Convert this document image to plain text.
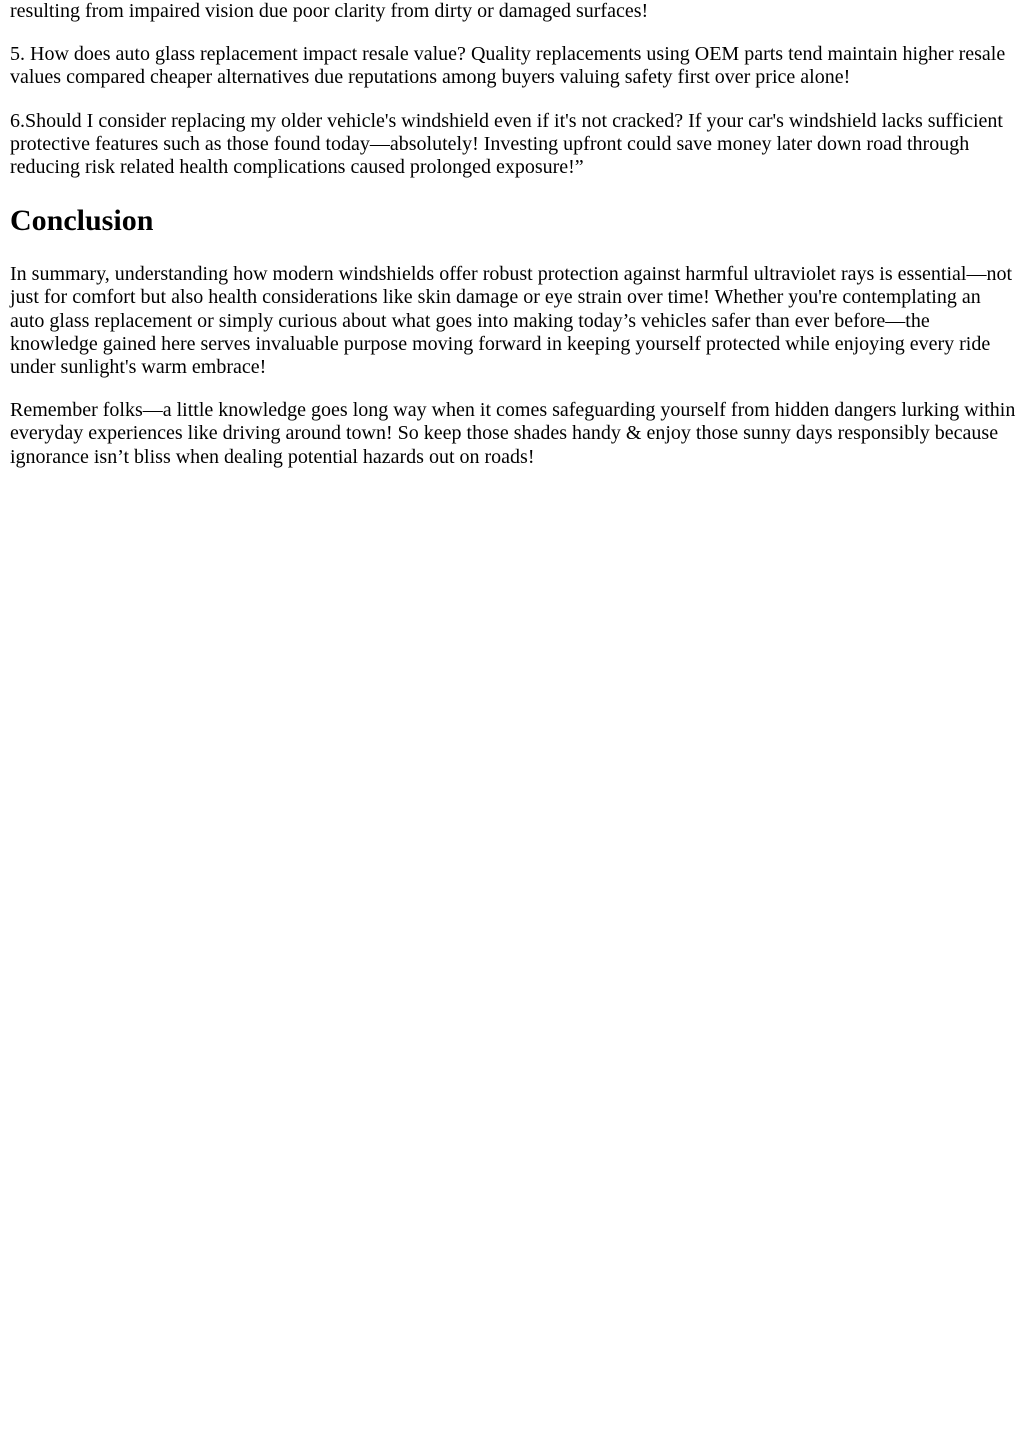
resulting from impaired vision due poor clarity from dirty or damaged surfaces!

5. How does auto glass replacement impact resale value? Quality replacements using OEM parts tend maintain higher resale values compared cheaper alternatives due reputations among buyers valuing safety first over price alone!

6.Should I consider replacing my older vehicle's windshield even if it's not cracked? If your car's windshield lacks sufficient protective features such as those found today—absolutely! Investing upfront could save money later down road through reducing risk related health complications caused prolonged exposure!”

Conclusion

In summary, understanding how modern windshields offer robust protection against harmful ultraviolet rays is essential—not just for comfort but also health considerations like skin damage or eye strain over time! Whether you're contemplating an auto glass replacement or simply curious about what goes into making today’s vehicles safer than ever before—the knowledge gained here serves invaluable purpose moving forward in keeping yourself protected while enjoying every ride under sunlight's warm embrace!

Remember folks—a little knowledge goes long way when it comes safeguarding yourself from hidden dangers lurking within everyday experiences like driving around town! So keep those shades handy & enjoy those sunny days responsibly because ignorance isn’t bliss when dealing potential hazards out on roads!
